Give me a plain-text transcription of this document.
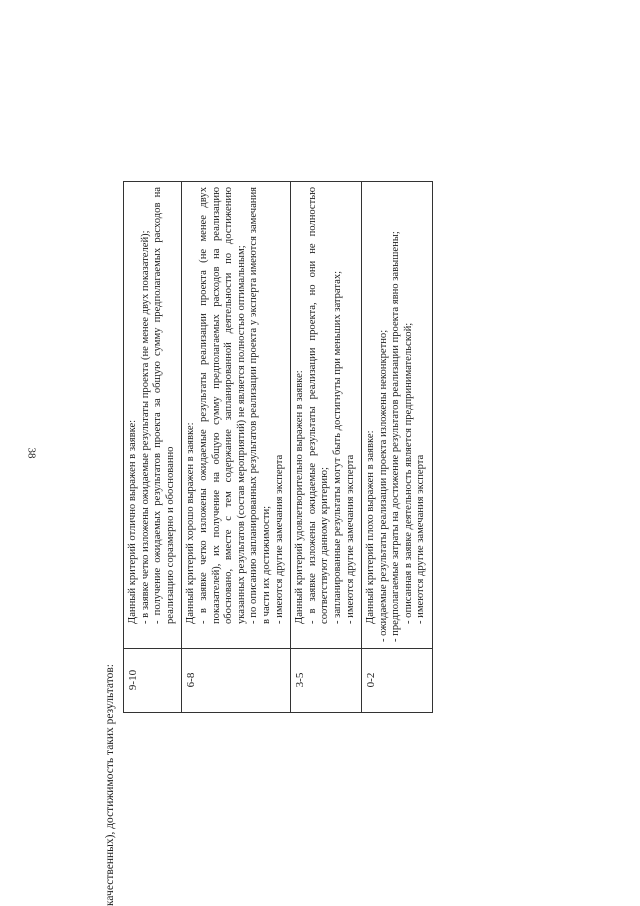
38

качественных), достижимость таких результатов: 9-10	Данный критерий отлично выражен в заявке: - в заявке четко изложены ожидаемые результаты проекта (не менее двух показателей); - получение ожидаемых результатов проекта за общую сумму предполагаемых расходов на реализацию соразмерно и обоснованно

6-8	Данный критерий хорошо выражен в заявке: - в заявке четко изложены ожидаемые результаты реализации проекта (не менее двух показателей), их получение на общую сумму предполагаемых расходов на реализацию обосновано, вместе с тем содержание запланированной деятельности по достижению указанных результатов (состав мероприятий) не является полностью оптимальным; - по описанию запланированных результатов реализации проекта у эксперта имеются замечания в части их достижимости; - имеются другие замечания эксперта

3-5	Данный критерий удовлетворительно выражен в заявке: - в заявке изложены ожидаемые результаты реализации проекта, но они не полностью соответствуют данному критерию; - запланированные результаты могут быть достигнуты при меньших затратах; - имеются другие замечания эксперта

0-2	Данный критерий плохо выражен в заявке: - ожидаемые результаты реализации проекта изложены неконкретно; - предполагаемые затраты на достижение результатов реализации проекта явно завышены; - описанная в заявке деятельность является предпринимательской; - имеются другие замечания эксперта
